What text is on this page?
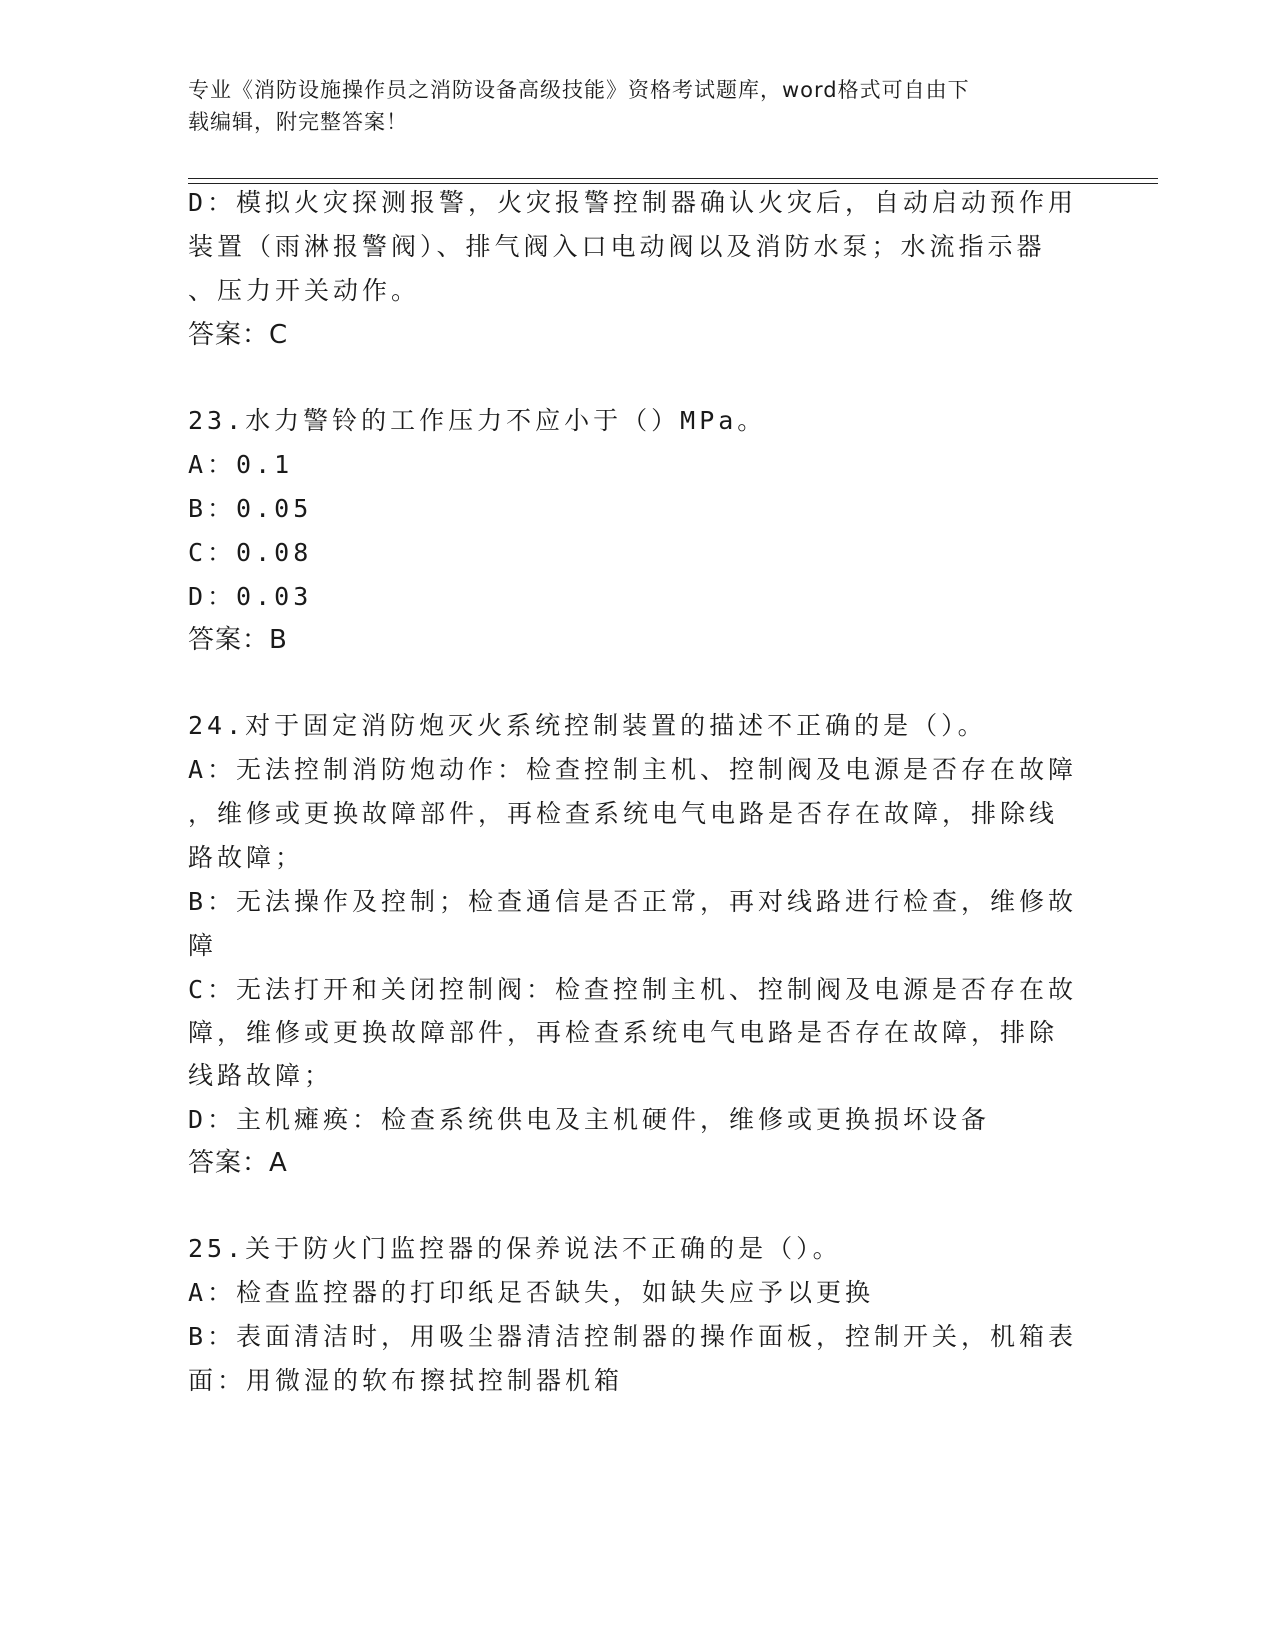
专业《消防设施操作员之消防设备高级技能》资格考试题库，word格式可自由下
载编辑，附完整答案！
D：模拟火灾探测报警，火灾报警控制器确认火灾后，自动启动预作用
装置（雨淋报警阀）、排气阀入口电动阀以及消防水泵；水流指示器
、压力开关动作。
答案：C
23.水力警铃的工作压力不应小于（）MPa。
A：0.1
B：0.05
C：0.08
D：0.03
答案：B
24.对于固定消防炮灭火系统控制装置的描述不正确的是（）。
A：无法控制消防炮动作：检查控制主机、控制阀及电源是否存在故障
，维修或更换故障部件，再检查系统电气电路是否存在故障，排除线
路故障；
B：无法操作及控制；检查通信是否正常，再对线路进行检查，维修故
障
C：无法打开和关闭控制阀：检查控制主机、控制阀及电源是否存在故
障，维修或更换故障部件，再检查系统电气电路是否存在故障，排除
线路故障；
D：主机瘫痪：检查系统供电及主机硬件，维修或更换损坏设备
答案：A
25.关于防火门监控器的保养说法不正确的是（）。
A：检查监控器的打印纸足否缺失，如缺失应予以更换
B：表面清洁时，用吸尘器清洁控制器的操作面板，控制开关，机箱表
面：用微湿的软布擦拭控制器机箱
